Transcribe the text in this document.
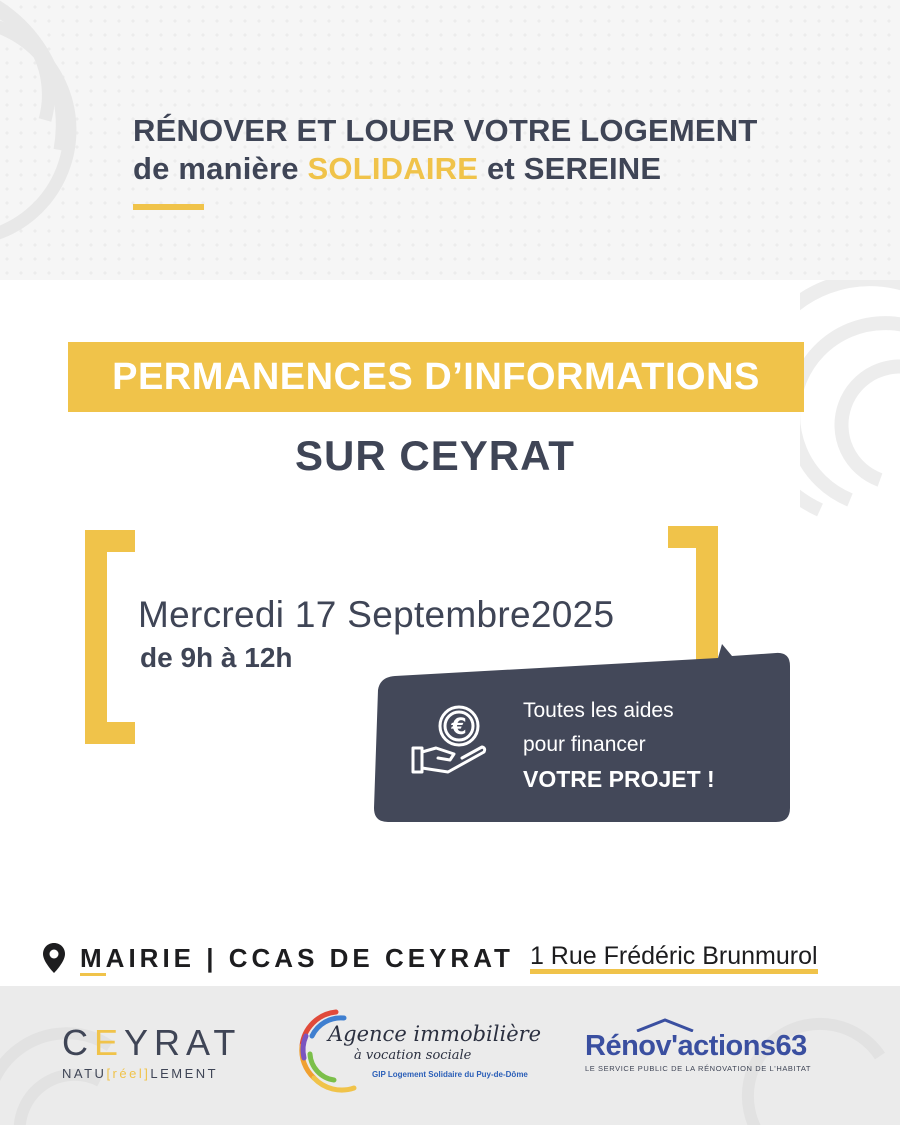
RÉNOVER ET LOUER VOTRE LOGEMENT
de manière SOLIDAIRE et SEREINE
PERMANENCES D’INFORMATIONS
SUR CEYRAT
Mercredi 17 Septembre2025
de 9h à 12h
€
Toutes les aides
pour financer
VOTRE PROJET !
MAIRIE | CCAS DE CEYRAT 1 Rue Frédéric Brunmurol
CEYRAT
NATU[réel]LEMENT
Agence immobilière
à vocation sociale
GIP Logement Solidaire du Puy-de-Dôme
Rénov'actions63
LE SERVICE PUBLIC DE LA RÉNOVATION DE L'HABITAT
